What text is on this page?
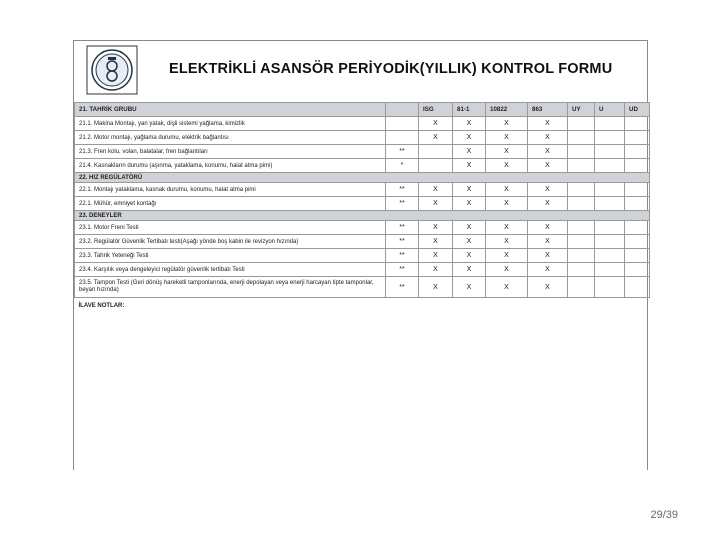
ELEKTRİKLİ ASANSÖR PERİYODİK(YILLIK) KONTROL FORMU
21. TAHRİK GRUBU		ISG	81-1	10822	863	UY	U	UD
21.1. Makina Montajı, yan yatak, dişli sistemi yağlama, kimizlik		X	X	X	X			
21.2. Motor montajı, yağlama durumu, elektrik bağlantısı		X	X	X	X			
21.3. Fren kolu, volan, balatalar, fren bağlantıları	**		X	X	X			
21.4. Kasnakların durumu (aşınma, yataklama, konumu, halat atma pimi)	*		X	X	X			
22. HIZ REGÜLATÖRÜ								
22.1. Montajı yataklama, kasnak durumu, konumu, halat atma pimi	**	X	X	X	X			
22.1. Mühür, emniyet kontağı	**	X	X	X	X			
23. DENEYLER								
23.1. Motor Freni Testi	**	X	X	X	X			
23.2. Regülatör Güvenlik Tertibatı testi(Aşağı yönde boş kabin ile revizyon hızında)	**	X	X	X	X			
23.3. Tahrik Yeteneği Testi	**	X	X	X	X			
23.4. Karşılık veya dengeleyici regülatör güvenlik tertibatı Testi	**	X	X	X	X			
23.5. Tampon Testi (Geri dönüş hareketli tamponlarında, enerji depolayan veya enerji harcayan tipte tamponlar, beyan hızında)	**	X	X	X	X			
İLAVE NOTLAR:								
29/39
